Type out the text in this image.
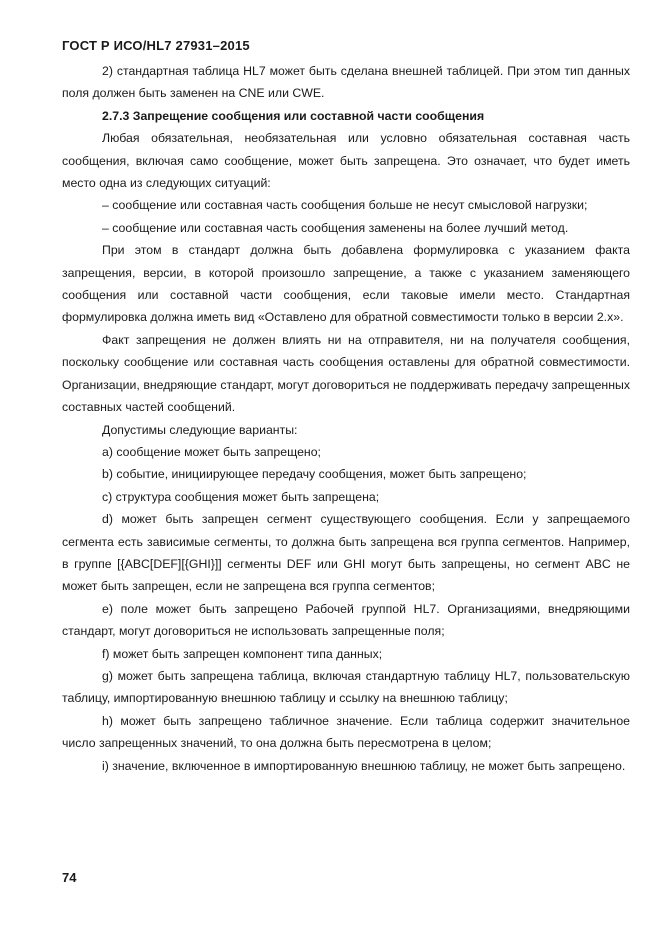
ГОСТ Р ИСО/HL7 27931–2015

2) стандартная таблица HL7 может быть сделана внешней таблицей. При этом тип данных поля должен быть заменен на CNE или CWE.

2.7.3 Запрещение сообщения или составной части сообщения

Любая обязательная, необязательная или условно обязательная составная часть сообщения, включая само сообщение, может быть запрещена. Это означает, что будет иметь место одна из следующих ситуаций:

– сообщение или составная часть сообщения больше не несут смысловой нагрузки;

– сообщение или составная часть сообщения заменены на более лучший метод.

При этом в стандарт должна быть добавлена формулировка с указанием факта запрещения, версии, в которой произошло запрещение, а также с указанием заменяющего сообщения или составной части сообщения, если таковые имели место. Стандартная формулировка должна иметь вид «Оставлено для обратной совместимости только в версии 2.x».

Факт запрещения не должен влиять ни на отправителя, ни на получателя сообщения, поскольку сообщение или составная часть сообщения оставлены для обратной совместимости. Организации, внедряющие стандарт, могут договориться не поддерживать передачу запрещенных составных частей сообщений.

Допустимы следующие варианты:

a) сообщение может быть запрещено;

b) событие, инициирующее передачу сообщения, может быть запрещено;

c) структура сообщения может быть запрещена;

d) может быть запрещен сегмент существующего сообщения. Если у запрещаемого сегмента есть зависимые сегменты, то должна быть запрещена вся группа сегментов. Например, в группе [{ABC[DEF][{GHI}]] сегменты DEF или GHI могут быть запрещены, но сегмент ABC не может быть запрещен, если не запрещена вся группа сегментов;

e) поле может быть запрещено Рабочей группой HL7. Организациями, внедряющими стандарт, могут договориться не использовать запрещенные поля;

f) может быть запрещен компонент типа данных;

g) может быть запрещена таблица, включая стандартную таблицу HL7, пользовательскую таблицу, импортированную внешнюю таблицу и ссылку на внешнюю таблицу;

h) может быть запрещено табличное значение. Если таблица содержит значительное число запрещенных значений, то она должна быть пересмотрена в целом;

i) значение, включенное в импортированную внешнюю таблицу, не может быть запрещено.

74
